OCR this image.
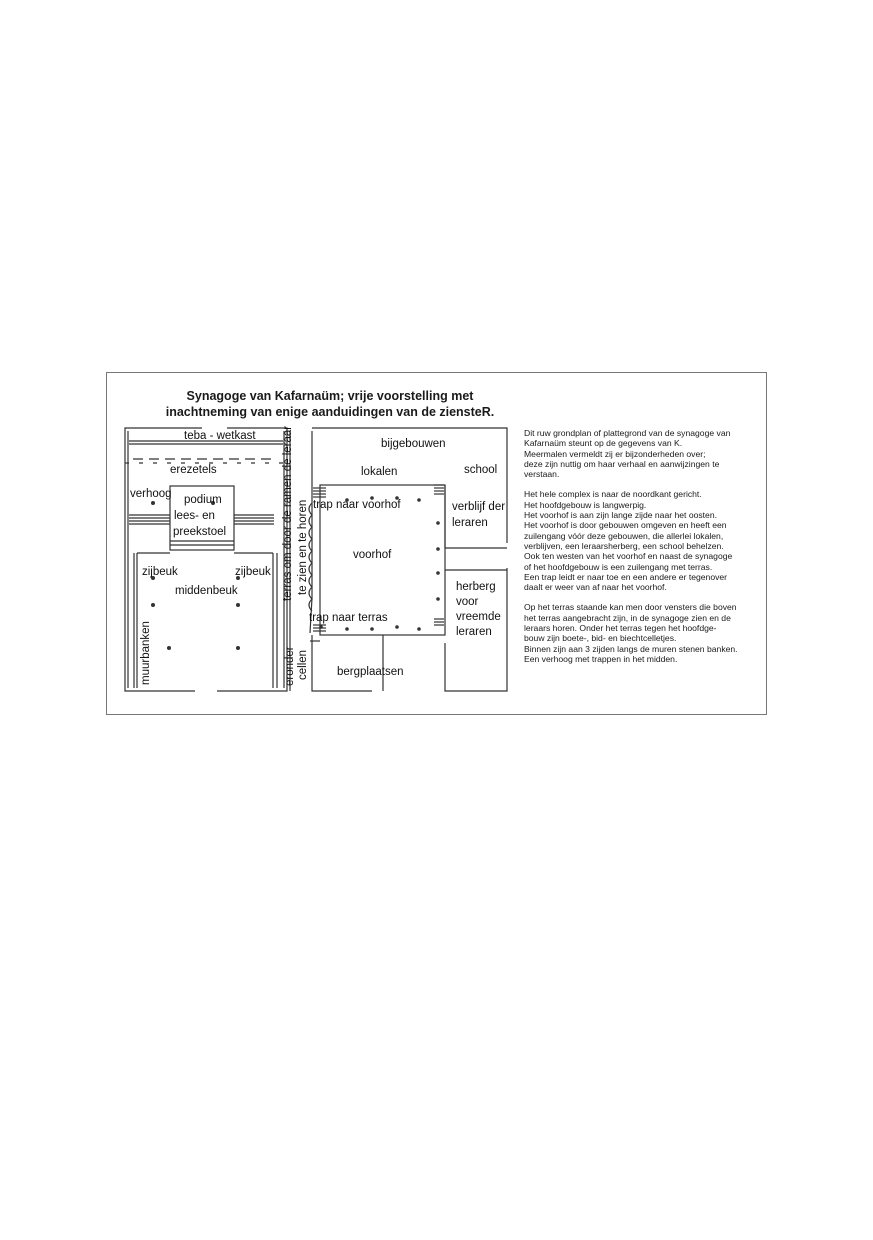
Synagoge van Kafarnaüm; vrije voorstelling met
inachtneming van enige aanduidingen van de ziensteR.
teba - wetkast
erezetels
verhoog podium
lees- en
preekstoel
zijbeuk	zijbeuk
middenbeuk
muurbanken
terras om door de ramen de leraar te zien en te horen
eronder cellen
bijgebouwen
lokalen	school
trap naar voorhof	verblijf der
leraren
voorhof
herberg
voor
vreemde
leraren
trap naar terras
bergplaatsen

Dit ruw grondplan of plattegrond van de synagoge van
Kafarnaüm steunt op de gegevens van K.
Meermalen vermeldt zij er bijzonderheden over;
deze zijn nuttig om haar verhaal en aanwijzingen te
verstaan.

Het hele complex is naar de noordkant gericht.
Het hoofdgebouw is langwerpig.
Het voorhof is aan zijn lange zijde naar het oosten.
Het voorhof is door gebouwen omgeven en heeft een
zuilengang vóór deze gebouwen, die allerlei lokalen,
verblijven, een leraarsherberg, een school behelzen.
Ook ten westen van het voorhof en naast de synagoge
of het hoofdgebouw is een zuilengang met terras.
Een trap leidt er naar toe en een andere er tegenover
daalt er weer van af naar het voorhof.

Op het terras staande kan men door vensters die boven
het terras aangebracht zijn, in de synagoge zien en de
leraars horen. Onder het terras tegen het hoofdge-
bouw zijn boete-, bid- en biechtcelletjes.
Binnen zijn aan 3 zijden langs de muren stenen banken.
Een verhoog met trappen in het midden.
